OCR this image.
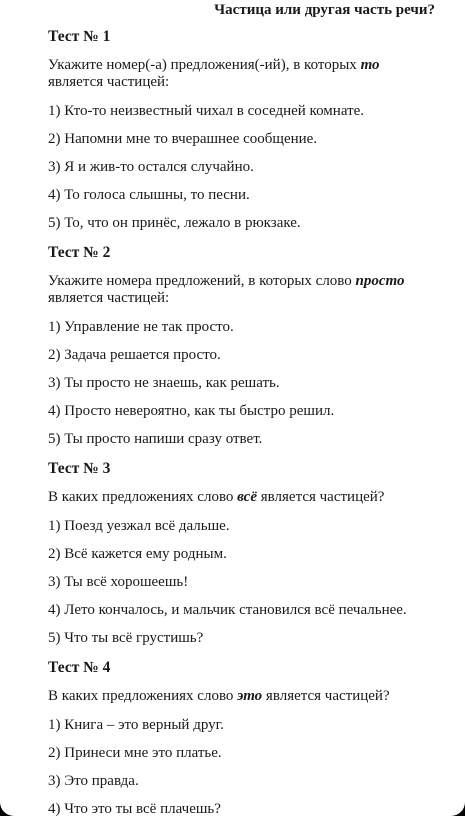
Частица или другая часть речи?
Тест № 1
Укажите номер(-а) предложения(-ий), в которых то является частицей:
1) Кто-то неизвестный чихал в соседней комнате.
2) Напомни мне то вчерашнее сообщение.
3) Я и жив-то остался случайно.
4) То голоса слышны, то песни.
5) То, что он принёс, лежало в рюкзаке.
Тест № 2
Укажите номера предложений, в которых слово просто является частицей:
1) Управление не так просто.
2) Задача решается просто.
3) Ты просто не знаешь, как решать.
4) Просто невероятно, как ты быстро решил.
5) Ты просто напиши сразу ответ.
Тест № 3
В каких предложениях слово всё является частицей?
1) Поезд уезжал всё дальше.
2) Всё кажется ему родным.
3) Ты всё хорошеешь!
4) Лето кончалось, и мальчик становился всё печальнее.
5) Что ты всё грустишь?
Тест № 4
В каких предложениях слово это является частицей?
1) Книга – это верный друг.
2) Принеси мне это платье.
3) Это правда.
4) Что это ты всё плачешь?
